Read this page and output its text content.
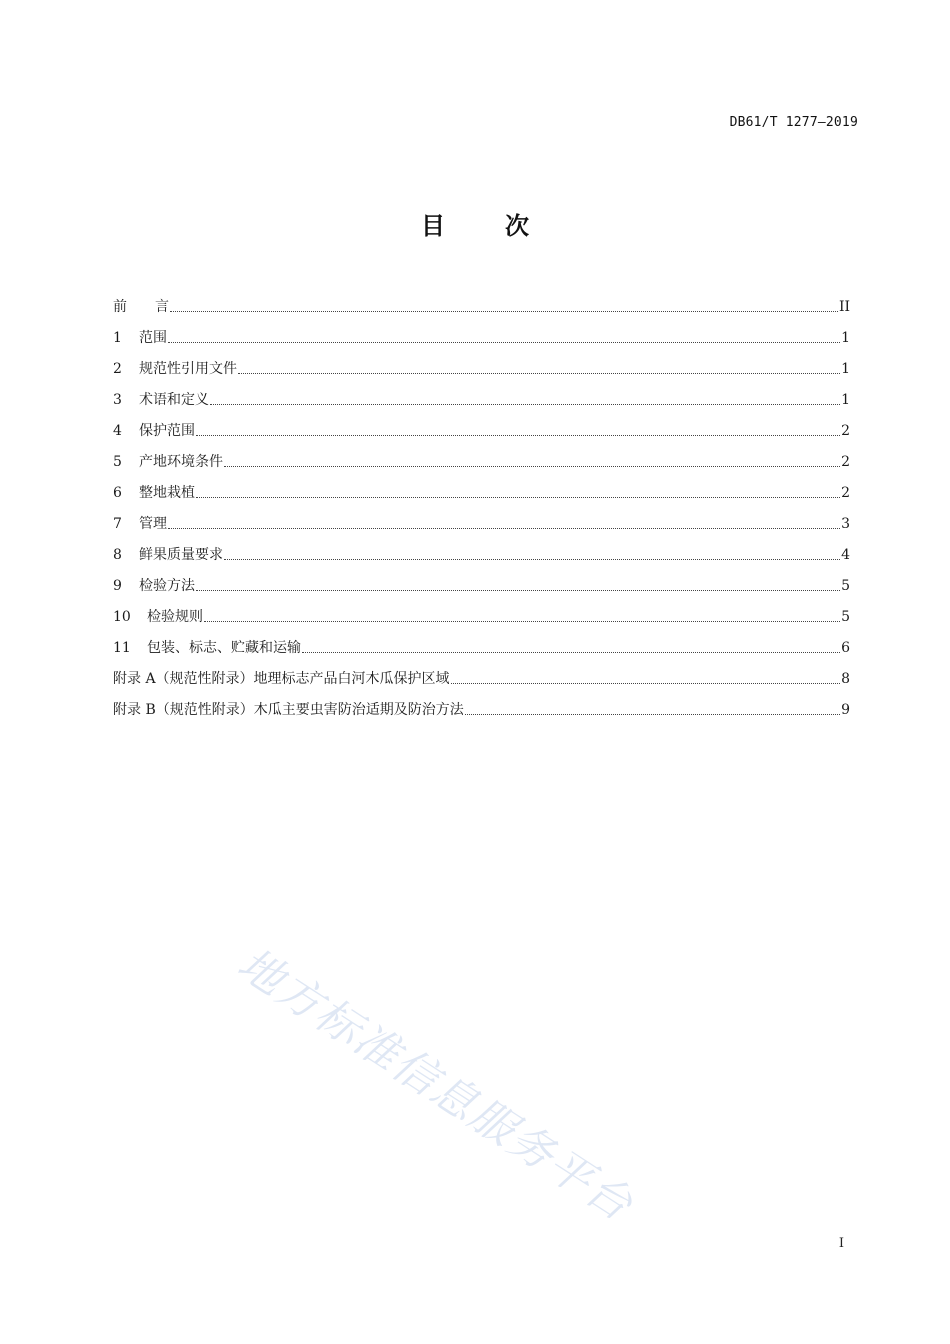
DB61/T 1277—2019
目	次
前　　言	II
1	范围	1
2	规范性引用文件	1
3	术语和定义	1
4	保护范围	2
5	产地环境条件	2
6	整地栽植	2
7	管理	3
8	鲜果质量要求	4
9	检验方法	5
10	检验规则	5
11	包装、标志、贮藏和运输	6
附录 A（规范性附录）地理标志产品白河木瓜保护区域	8
附录 B（规范性附录）木瓜主要虫害防治适期及防治方法	9
地方标准信息服务平台
I
